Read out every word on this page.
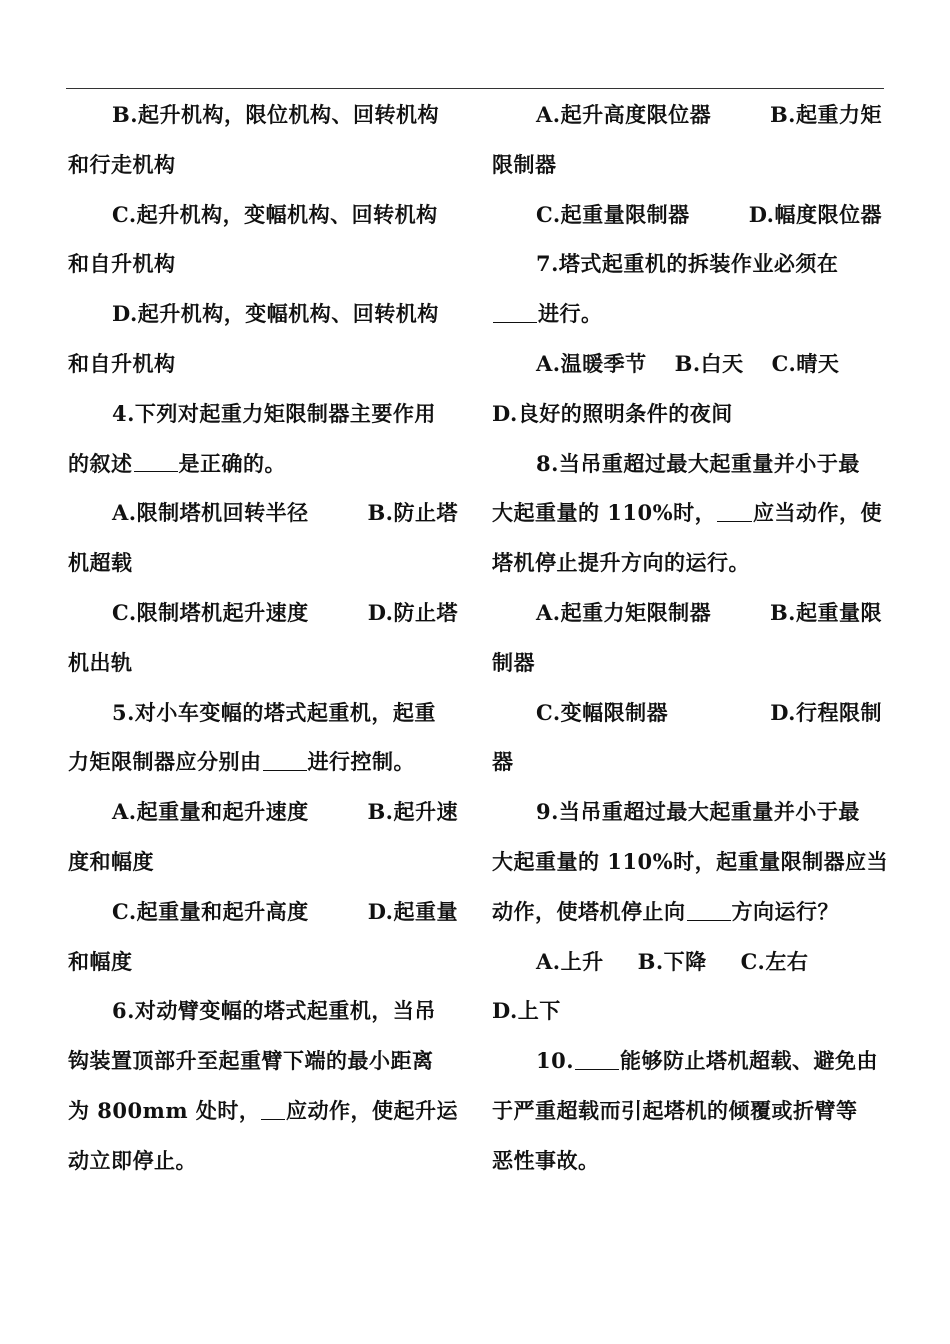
B.起升机构，限位机构、回转机构
和行走机构
C.起升机构，变幅机构、回转机构
和自升机构
D.起升机构，变幅机构、回转机构
和自升机构
4.下列对起重力矩限制器主要作用
的叙述 是正确的。
A.限制塔机回转半径	B.防止塔
机超载
C.限制塔机起升速度	D.防止塔
机出轨
5.对小车变幅的塔式起重机，起重
力矩限制器应分别由 进行控制。
A.起重量和起升速度	B.起升速
度和幅度
C.起重量和起升高度	D.起重量
和幅度
6.对动臂变幅的塔式起重机，当吊
钩装置顶部升至起重臂下端的最小距离
为 800mm 处时， 应动作，使起升运
动立即停止。
A.起升高度限位器	B.起重力矩
限制器
C.起重量限制器	D.幅度限位器
7.塔式起重机的拆装作业必须在
进行。
A.温暖季节 B.白天 C.晴天
D.良好的照明条件的夜间
8.当吊重超过最大起重量并小于最
大起重量的 110%时， 应当动作，使
塔机停止提升方向的运行。
A.起重力矩限制器	B.起重量限
制器
C.变幅限制器	D.行程限制
器
9.当吊重超过最大起重量并小于最
大起重量的 110%时，起重量限制器应当
动作，使塔机停止向 方向运行？
A.上升 B.下降 C.左右
D.上下
10. 能够防止塔机超载、避免由
于严重超载而引起塔机的倾覆或折臂等
恶性事故。
